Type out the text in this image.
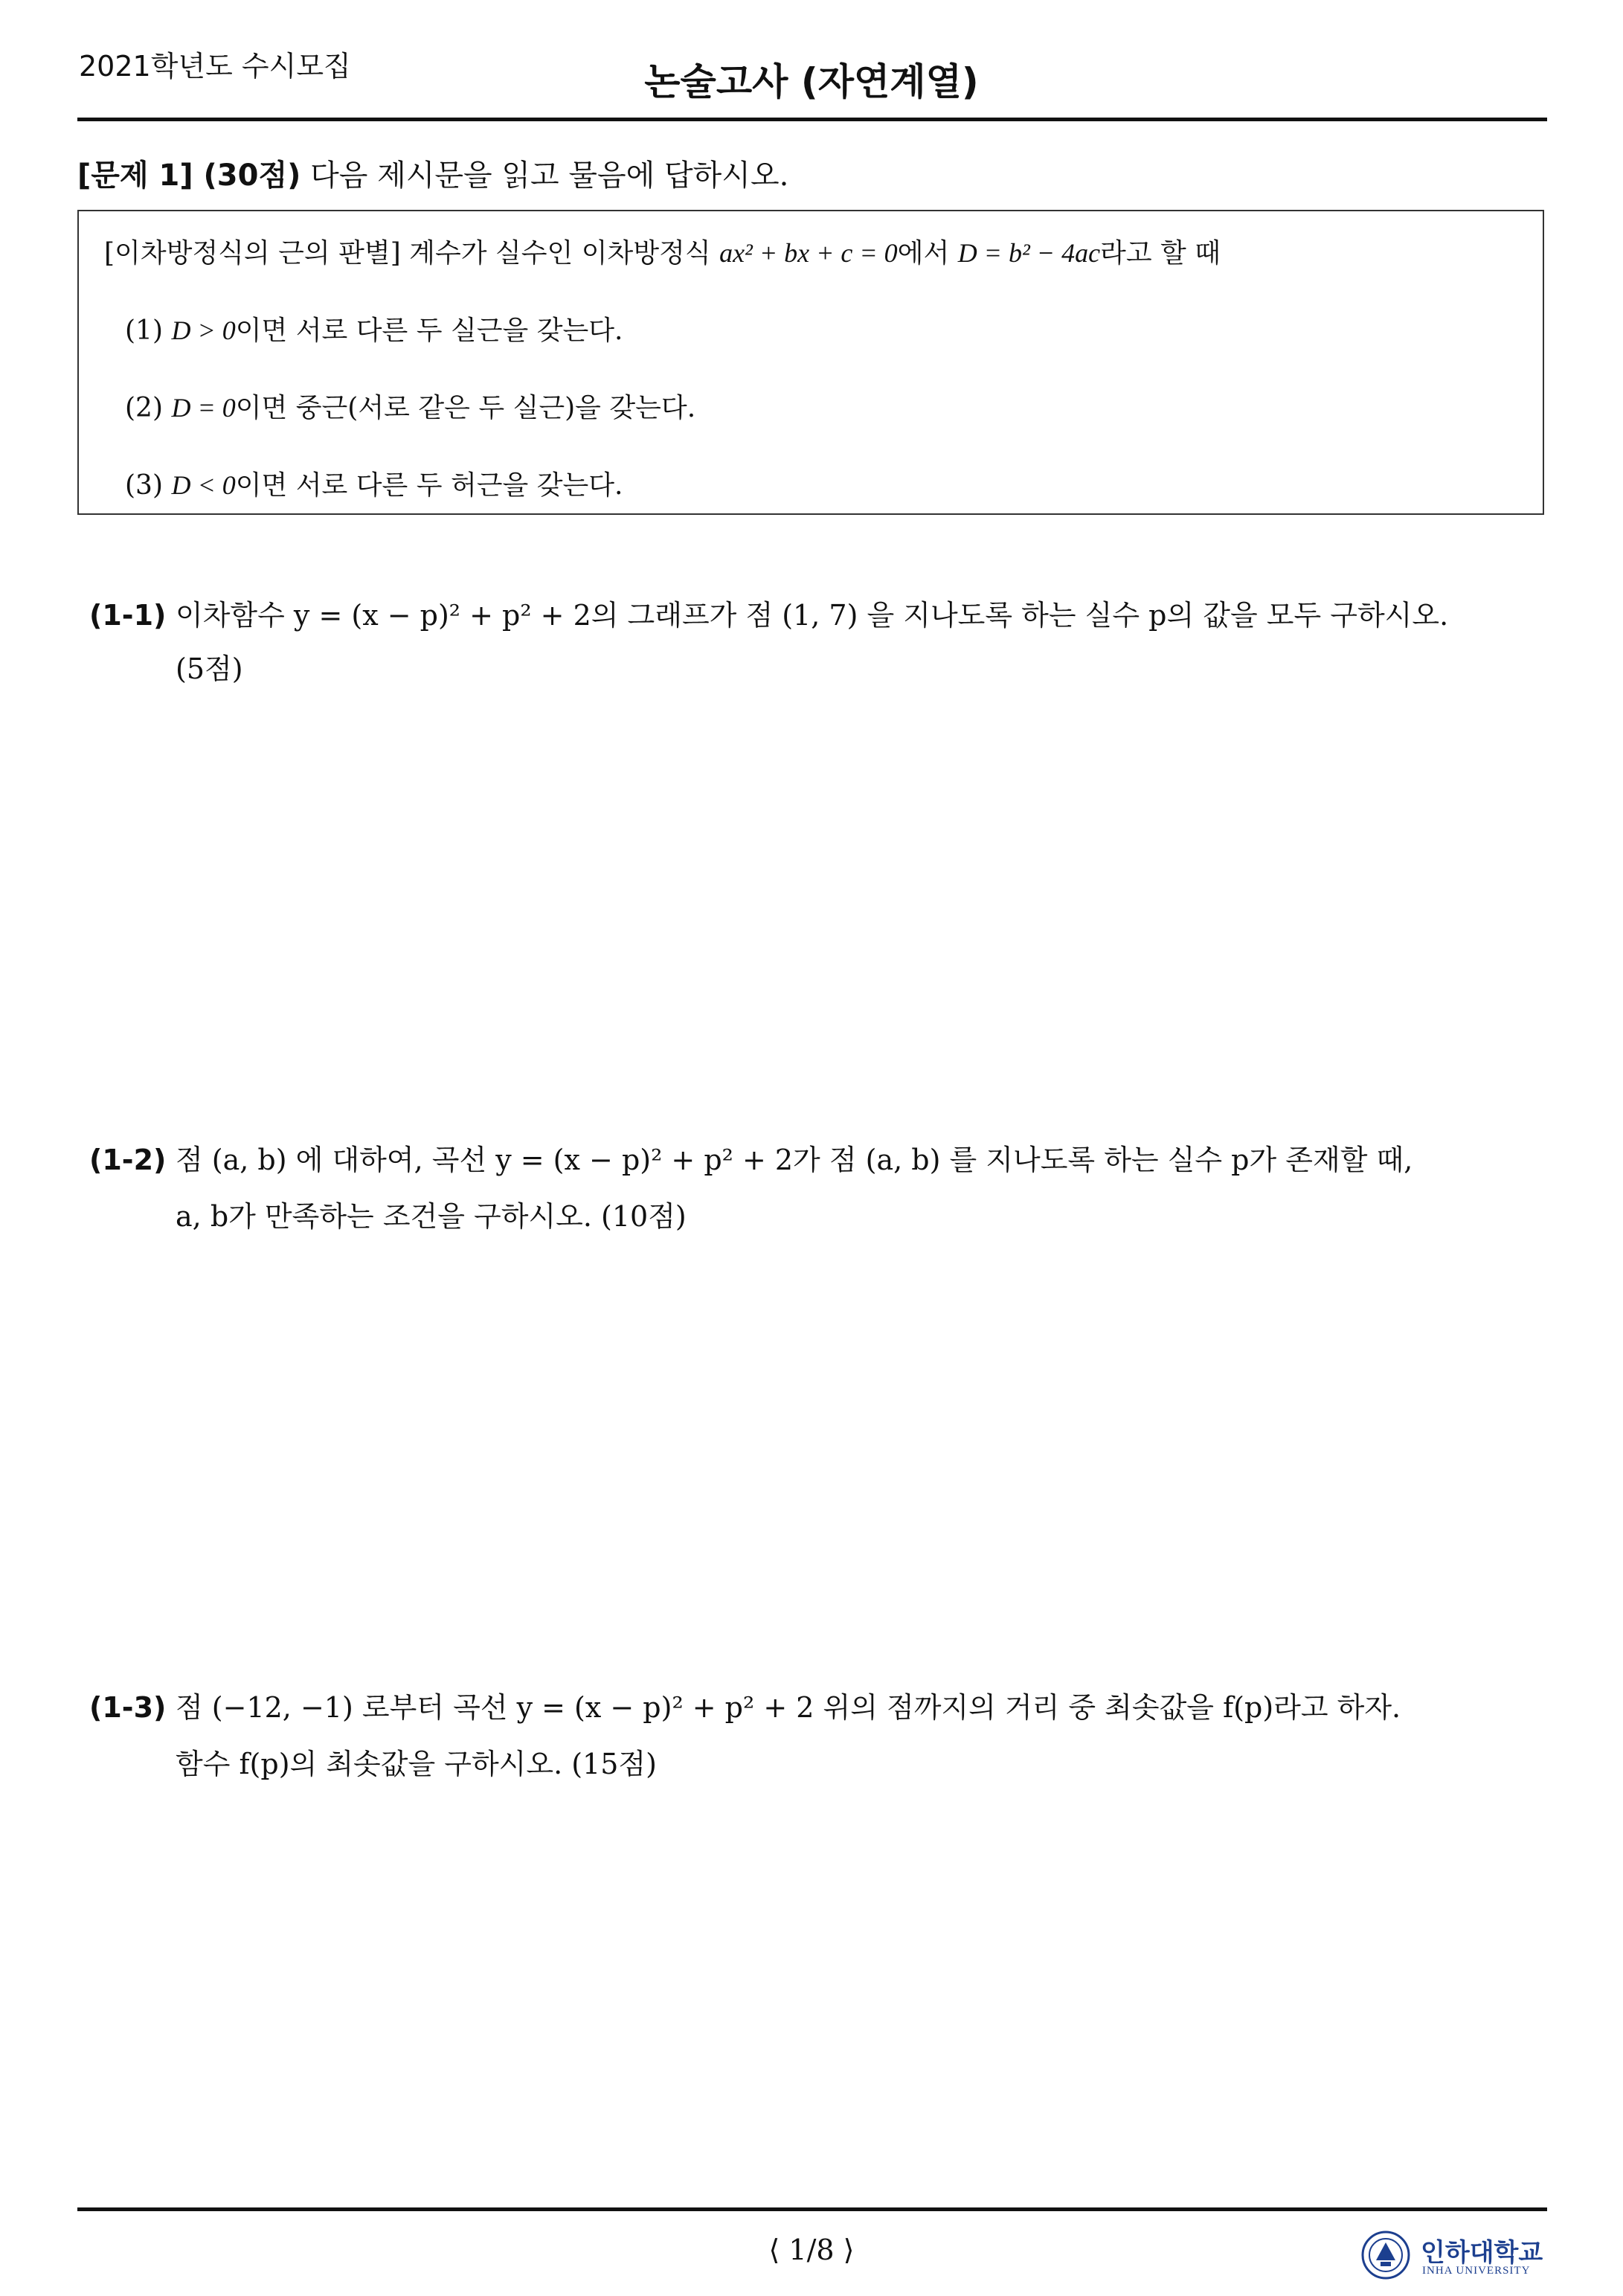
2021학년도 수시모집	논술고사 (자연계열)
[문제 1] (30점) 다음 제시문을 읽고 물음에 답하시오.
[이차방정식의 근의 판별] 계수가 실수인 이차방정식 ax² + bx + c = 0에서 D = b² − 4ac라고 할 때
(1) D > 0이면 서로 다른 두 실근을 갖는다.
(2) D = 0이면 중근(서로 같은 두 실근)을 갖는다.
(3) D < 0이면 서로 다른 두 허근을 갖는다.
(1-1) 이차함수 y = (x − p)² + p² + 2의 그래프가 점 (1, 7) 을 지나도록 하는 실수 p의 값을 모두 구하시오.
(5점)
(1-2) 점 (a, b) 에 대하여, 곡선 y = (x − p)² + p² + 2가 점 (a, b) 를 지나도록 하는 실수 p가 존재할 때,
a, b가 만족하는 조건을 구하시오. (10점)
(1-3) 점 (−12, −1) 로부터 곡선 y = (x − p)² + p² + 2 위의 점까지의 거리 중 최솟값을 f(p)라고 하자.
함수 f(p)의 최솟값을 구하시오. (15점)
⟨ 1/8 ⟩	인하대학교
INHA UNIVERSITY
